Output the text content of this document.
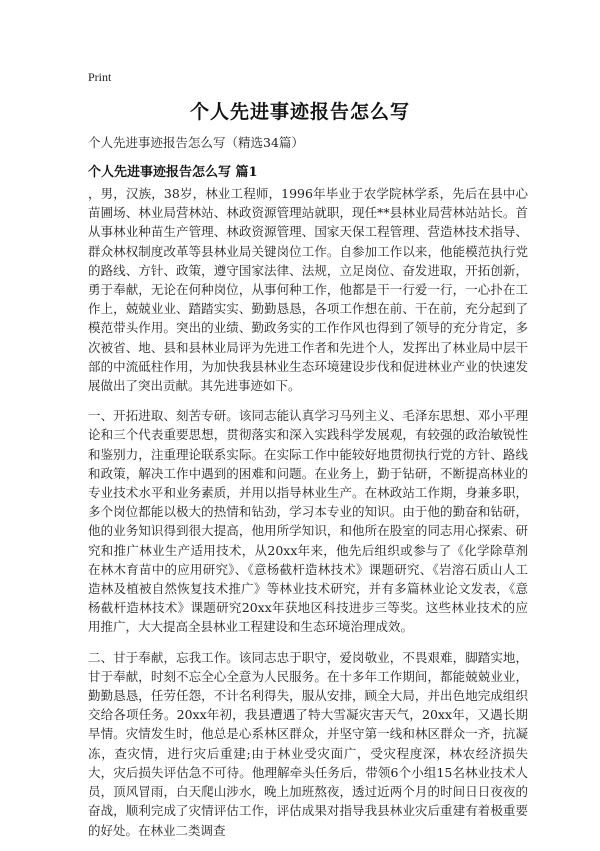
Print
个人先进事迹报告怎么写
个人先进事迹报告怎么写（精选34篇）
个人先进事迹报告怎么写 篇1

，男，汉族，38岁，林业工程师，1996年毕业于农学院林学系，先后在县中心苗圃场、林业局营林站、林政资源管理站就职，现任**县林业局营林站站长。首从事林业种苗生产管理、林政资源管理、国家天保工程管理、营造林技术指导、群众林权制度改革等县林业局关键岗位工作。自参加工作以来，他能模范执行党的路线、方针、政策，遵守国家法律、法规，立足岗位、奋发进取，开拓创新，勇于奉献，无论在何种岗位，从事何种工作，他都是干一行爱一行，一心扑在工作上，兢兢业业、踏踏实实、勤勤恳恳，各项工作想在前、干在前，充分起到了模范带头作用。突出的业绩、勤政务实的工作作风也得到了领导的充分肯定，多次被省、地、县和县林业局评为先进工作者和先进个人，发挥出了林业局中层干部的中流砥柱作用，为加快我县林业生态环境建设步伐和促进林业产业的快速发展做出了突出贡献。其先进事迹如下。

一、开拓进取、刻苦专研。该同志能认真学习马列主义、毛泽东思想、邓小平理论和三个代表重要思想，贯彻落实和深入实践科学发展观，有较强的政治敏锐性和鉴别力，注重理论联系实际。在实际工作中能较好地贯彻执行党的方针、路线和政策，解决工作中遇到的困难和问题。在业务上，勤于钻研，不断提高林业的专业技术水平和业务素质，并用以指导林业生产。在林政站工作期，身兼多职，多个岗位都能以极大的热情和钻劲，学习本专业的知识。由于他的勤奋和钻研，他的业务知识得到很大提高，他用所学知识，和他所在股室的同志用心探索、研究和推广林业生产适用技术，从20xx年来，他先后组织或参与了《化学除草剂在林木育苗中的应用研究》、《意杨截杆造林技术》课题研究、《岩溶石质山人工造林及植被自然恢复技术推广》等林业技术研究，并有多篇林业论文发表，《意杨截杆造林技术》课题研究20xx年获地区科技进步三等奖。这些林业技术的应用推广，大大提高全县林业工程建设和生态环境治理成效。

二、甘于奉献，忘我工作。该同志忠于职守，爱岗敬业，不畏艰难，脚踏实地，甘于奉献，时刻不忘全心全意为人民服务。在十多年工作期间，都能兢兢业业，勤勤恳恳，任劳任怨，不计名利得失，服从安排，顾全大局，并出色地完成组织交给各项任务。20xx年初，我县遭遇了特大雪凝灾害天气，20xx年，又遇长期旱情。灾情发生时，他总是心系林区群众，并坚守第一线和林区群众一齐，抗凝冻，查灾情，进行灾后重建;由于林业受灾面广，受灾程度深，林农经济损失大，灾后损失评估急不可待。他理解牵头任务后，带领6个小组15名林业技术人员，顶风冒雨，白天爬山涉水，晚上加班熬夜，透过近两个月的时间日日夜夜的奋战，顺利完成了灾情评估工作，评估成果对指导我县林业灾后重建有着极重要的好处。在林业二类调查
